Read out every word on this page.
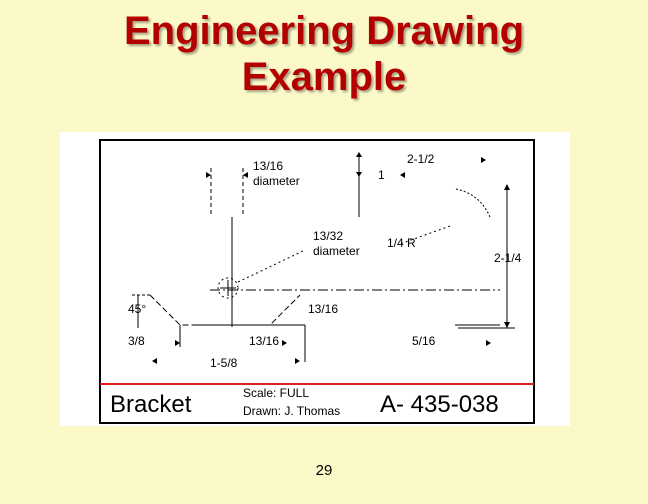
Engineering Drawing
Example
13/16
diameter
2-1/2
1
13/32
diameter
1/4 R
2-1/4
45°	13/16
3/8	13/16	5/16
1-5/8
Bracket	Scale: FULL
Drawn: J. Thomas A- 435-038
29
